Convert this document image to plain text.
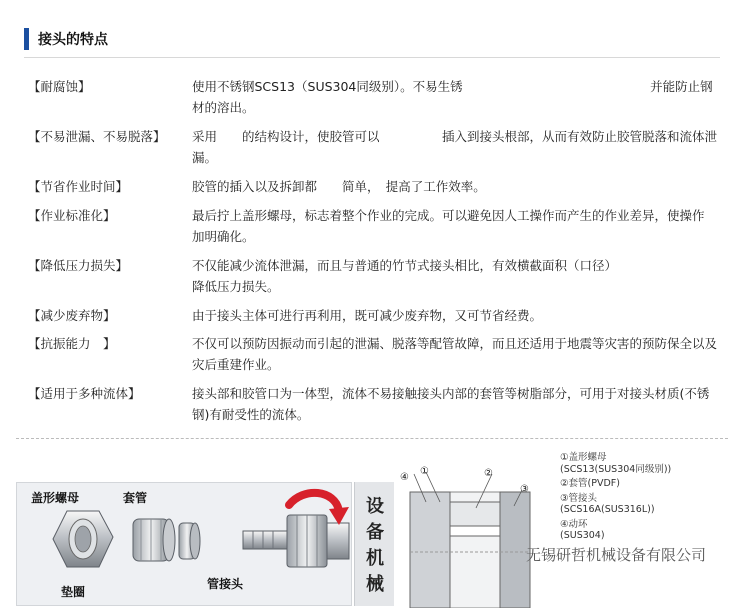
接头的特点
【耐腐蚀】	使用不锈钢SCS13（SUS304同级别）。不易生锈　　　　　　　　　　　　　　　并能防止钢材的溶出。
【不易泄漏、不易脱落】	采用　　的结构设计，使胶管可以　　　　　插入到接头根部，从而有效防止胶管脱落和流体泄漏。
【节省作业时间】	胶管的插入以及拆卸都　　简单，　提高了工作效率。
【作业标准化】	最后拧上盖形螺母，标志着整个作业的完成。可以避免因人工操作而产生的作业差异，使操作　加明确化。
【降低压力损失】	不仅能减少流体泄漏，而且与普通的竹节式接头相比，有效横截面积（口径）　　　　　　　　　降低压力损失。
【减少废弃物】	由于接头主体可进行再利用，既可减少废弃物，又可节省经费。
【抗振能力　】	不仅可以预防因振动而引起的泄漏、脱落等配管故障，而且还适用于地震等灾害的预防保全以及灾后重建作业。
【适用于多种流体】	接头部和胶管口为一体型，流体不易接触接头内部的套管等树脂部分，可用于对接头材质(不锈钢)有耐受性的流体。
盖形螺母	套管
垫圈
管接头
设
备
机
械
④
①	②
③
①盖形螺母
(SCS13(SUS304同级别))
②套管(PVDF)
③管接头
(SCS16A(SUS316L))
④动环
(SUS304)
无锡研哲机械设备有限公司
